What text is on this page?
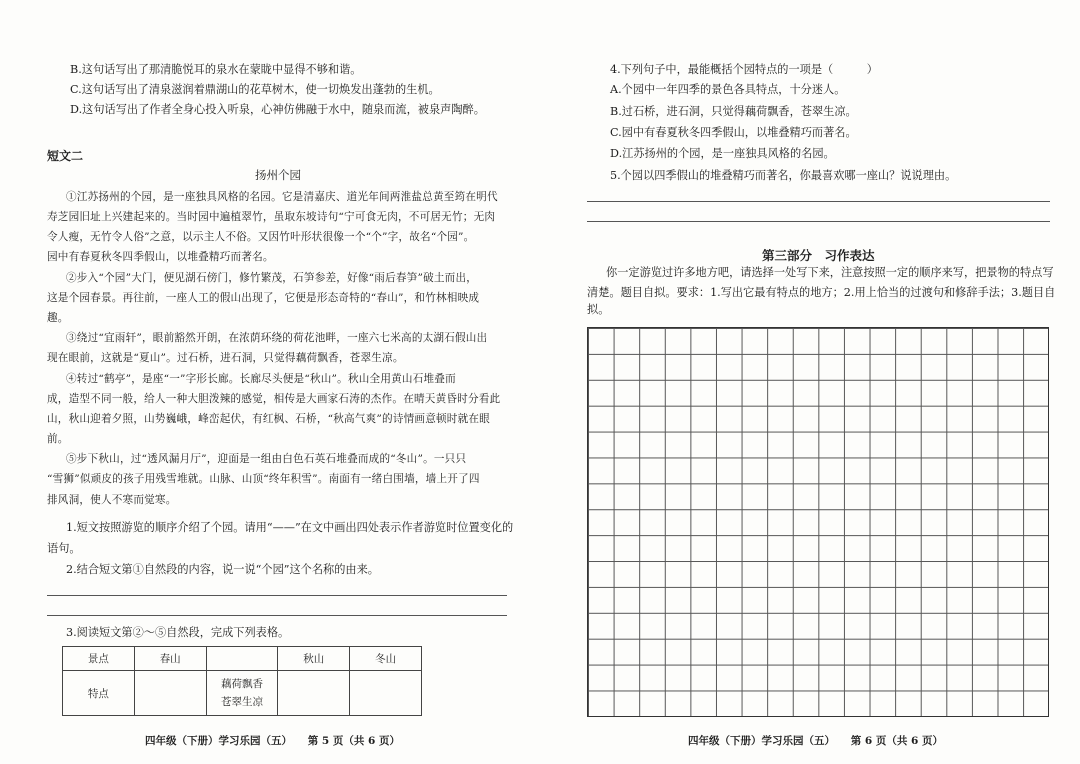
B.这句话写出了那清脆悦耳的泉水在蒙眬中显得不够和谐。
C.这句话写出了清泉滋润着鼎湖山的花草树木，使一切焕发出蓬勃的生机。
D.这句话写出了作者全身心投入听泉，心神仿佛融于水中，随泉而流，被泉声陶醉。
短文二
扬州个园
①江苏扬州的个园，是一座独具风格的名园。它是清嘉庆、道光年间两淮盐总黄至筠在明代
寿芝园旧址上兴建起来的。当时园中遍植翠竹，虽取东坡诗句“宁可食无肉，不可居无竹；无肉
令人瘦，无竹令人俗”之意，以示主人不俗。又因竹叶形状很像一个“个”字，故名“个园”。
园中有春夏秋冬四季假山，以堆叠精巧而著名。
②步入“个园”大门，便见湖石傍门，修竹繁茂，石笋参差，好像“雨后春笋”破土而出，
这是个园春景。再往前，一座人工的假山出现了，它便是形态奇特的“春山”，和竹林相映成
趣。
③绕过“宜雨轩”，眼前豁然开朗，在浓荫环绕的荷花池畔，一座六七米高的太湖石假山出
现在眼前，这就是“夏山”。过石桥，进石洞，只觉得藕荷飘香，苍翠生凉。
④转过“鹤亭”，是座“一”字形长廊。长廊尽头便是“秋山”。秋山全用黄山石堆叠而
成，造型不同一般，给人一种大胆泼辣的感觉，相传是大画家石涛的杰作。在晴天黄昏时分看此
山，秋山迎着夕照，山势巍峨，峰峦起伏，有红枫、石桥，“秋高气爽”的诗情画意顿时就在眼
前。
⑤步下秋山，过“透风漏月厅”，迎面是一组由白色石英石堆叠而成的“冬山”。一只只
“雪狮”似顽皮的孩子用残雪堆就。山脉、山顶“终年积雪”。南面有一绪白围墙，墙上开了四
排风洞，使人不寒而觉寒。
1.短文按照游览的顺序介绍了个园。请用“——”在文中画出四处表示作者游览时位置变化的
语句。
2.结合短文第①自然段的内容，说一说“个园”这个名称的由来。
3.阅读短文第②～⑤自然段，完成下列表格。
景点	春山		秋山	冬山
特点		藕荷飘香
苍翠生凉		

四年级（下册）学习乐园（五）　　第 5 页（共 6 页）
4.下列句子中，最能概括个园特点的一项是（　　　）
A.个园中一年四季的景色各具特点，十分迷人。
B.过石桥，进石洞，只觉得藕荷飘香，苍翠生凉。
C.园中有春夏秋冬四季假山，以堆叠精巧而著名。
D.江苏扬州的个园，是一座独具风格的名园。
5.个园以四季假山的堆叠精巧而著名，你最喜欢哪一座山？说说理由。
第三部分　习作表达
你一定游览过许多地方吧，请选择一处写下来，注意按照一定的顺序来写，把景物的特点写
清楚。题目自拟。要求：1.写出它最有特点的地方；2.用上恰当的过渡句和修辞手法；3.题目自
拟。
四年级（下册）学习乐园（五）　　第 6 页（共 6 页）
